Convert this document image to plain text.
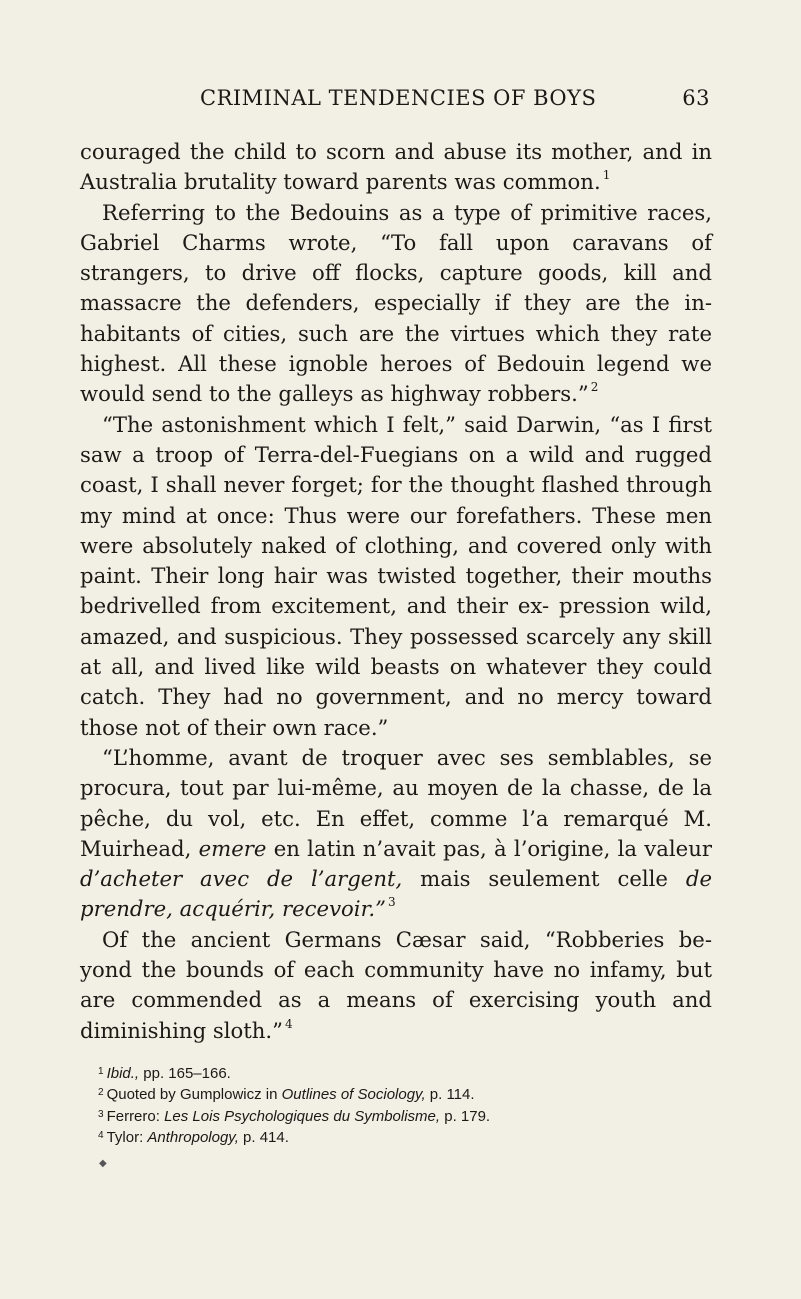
CRIMINAL TENDENCIES OF BOYS	63

couraged the child to scorn and abuse its mother, and in Australia brutality toward parents was common. $^1$

Referring to the Bedouins as a type of primitive races, Gabriel Charms wrote, “To fall upon caravans of strangers, to drive off flocks, capture goods, kill and massacre the defenders, especially if they are the in- habitants of cities, such are the virtues which they rate highest. All these ignoble heroes of Bedouin legend we would send to the galleys as highway robbers.” $^2$

“The astonishment which I felt,” said Darwin, “as I first saw a troop of Terra-del-Fuegians on a wild and rugged coast, I shall never forget; for the thought flashed through my mind at once: Thus were our forefathers. These men were absolutely naked of clothing, and covered only with paint. Their long hair was twisted together, their mouths bedrivelled from excitement, and their ex- pression wild, amazed, and suspicious. They possessed scarcely any skill at all, and lived like wild beasts on whatever they could catch. They had no government, and no mercy toward those not of their own race.”

“L’homme, avant de troquer avec ses semblables, se procura, tout par lui-même, au moyen de la chasse, de la pêche, du vol, etc. En effet, comme l’a remarqué M. Muirhead, emere en latin n’avait pas, à l’origine, la valeur d’acheter avec de l’argent, mais seulement celle de prendre, acquérir, recevoir.” $^3$

Of the ancient Germans Cæsar said, “Robberies be- yond the bounds of each community have no infamy, but are commended as a means of exercising youth and diminishing sloth.” $^4$

$^1$ Ibid., pp. 165–166.
$^2$ Quoted by Gumplowicz in Outlines of Sociology, p. 114.
$^3$ Ferrero: Les Lois Psychologiques du Symbolisme, p. 179.
$^4$ Tylor: Anthropology, p. 414.
◆
